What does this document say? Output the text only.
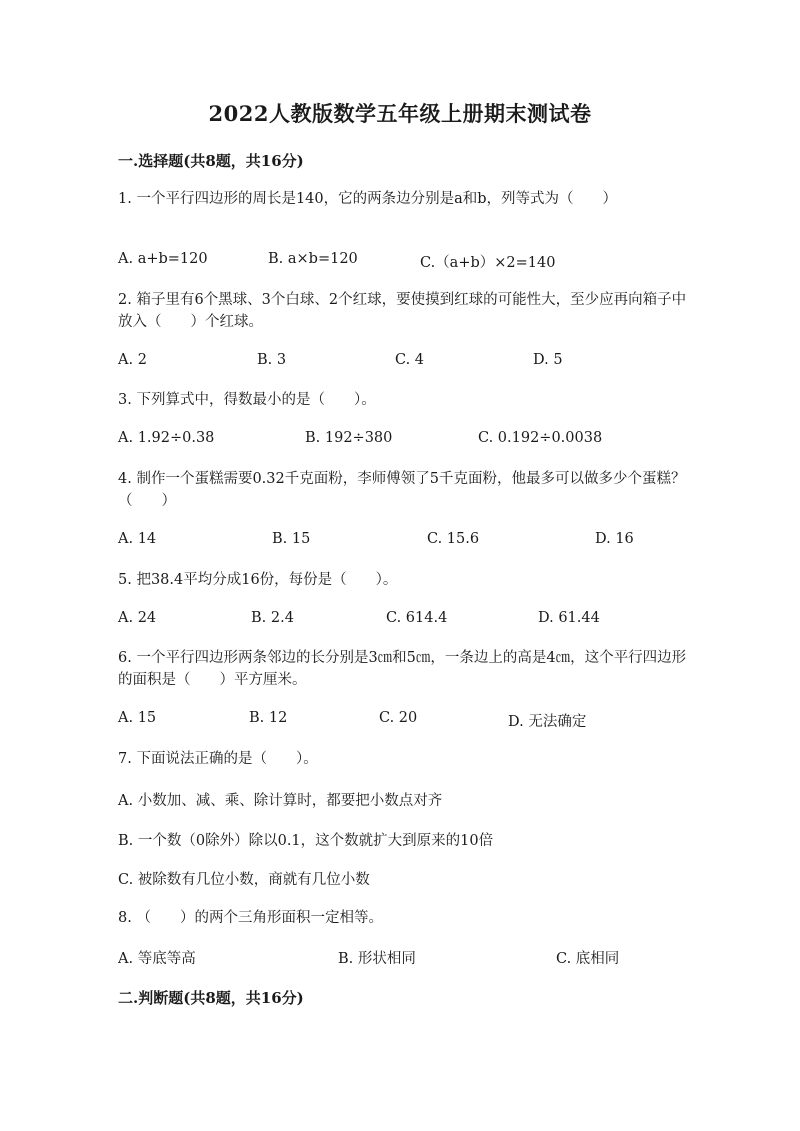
2022人教版数学五年级上册期末测试卷
一.选择题(共8题，共16分)
1. 一个平行四边形的周长是140，它的两条边分别是a和b，列等式为（　　）
A. a+b=120	B. a×b=120	C.（a+b）×2=140
2. 箱子里有6个黑球、3个白球、2个红球，要使摸到红球的可能性大，至少应再向箱子中放入（　　）个红球。
A. 2	B. 3	C. 4	D. 5
3. 下列算式中，得数最小的是（　　）。
A. 1.92÷0.38	B. 192÷380	C. 0.192÷0.0038
4. 制作一个蛋糕需要0.32千克面粉，李师傅领了5千克面粉，他最多可以做多少个蛋糕？（　　）
A. 14	B. 15	C. 15.6	D. 16
5. 把38.4平均分成16份，每份是（　　）。
A. 24	B. 2.4	C. 614.4	D. 61.44
6. 一个平行四边形两条邻边的长分别是3㎝和5㎝，一条边上的高是4㎝，这个平行四边形的面积是（　　）平方厘米。
A. 15	B. 12	C. 20	D. 无法确定
7. 下面说法正确的是（　　）。
A. 小数加、减、乘、除计算时，都要把小数点对齐
B. 一个数（0除外）除以0.1，这个数就扩大到原来的10倍
C. 被除数有几位小数，商就有几位小数
8. （　　）的两个三角形面积一定相等。
A. 等底等高	B. 形状相同	C. 底相同
二.判断题(共8题，共16分)
